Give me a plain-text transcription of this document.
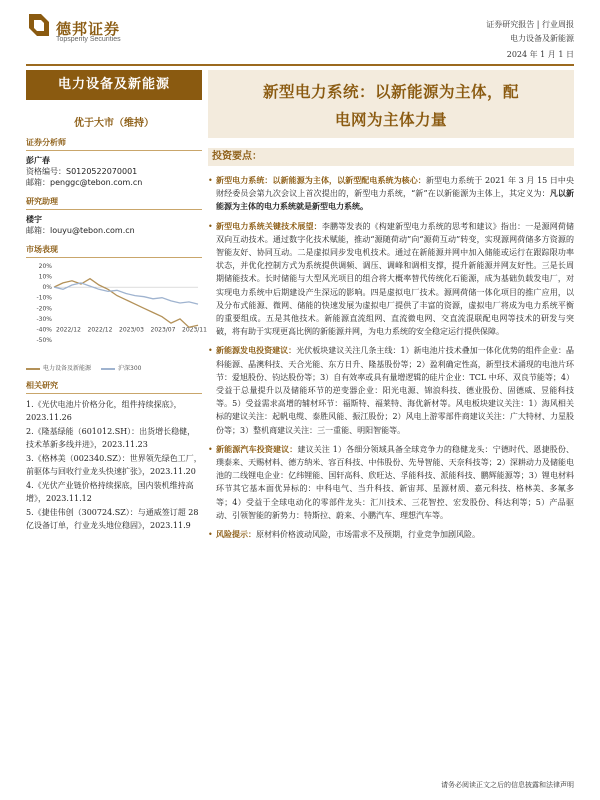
德邦证券
Topsperity Securities
证券研究报告 | 行业周报
电力设备及新能源
2024 年 1 月 1 日
电力设备及新能源
优于大市（维持）
证券分析师
彭广春
资格编号：S0120522070001
邮箱：penggc@tebon.com.cn
研究助理
楼宇
邮箱：louyu@tebon.com.cn
市场表现
20%
10%
0%
-10%
-20%
-30%
-40%
-50%
2022/12 2022/12 2023/03 2023/07 2023/11
电力设备及新能源	沪深300
相关研究
1.《光伏电池片价格分化，组件持续探底》，2023.11.26
2.《隆基绿能（601012.SH）：出货增长稳健，技术革新多线并进》，2023.11.23
3.《格林美（002340.SZ）：世界领先绿色工厂，前驱体与回收行业龙头快速扩张》，2023.11.20
4.《光伏产业链价格持续探底，国内装机维持高增》，2023.11.12
5.《捷佳伟创（300724.SZ）：与通威签订超 28 亿设备订单，行业龙头地位稳固》，2023.11.9
新型电力系统：以新能源为主体，配
电网为主体力量
投资要点：
• 新型电力系统：以新能源为主体，以新型配电系统为核心：新型电力系统于 2021 年 3 月 15 日中央财经委员会第九次会议上首次提出的，新型电力系统，“新”在以新能源为主体上，其定义为：凡以新能源为主体的电力系统就是新型电力系统。
• 新型电力系统关键技术展望：李鹏等发表的《构建新型电力系统的思考和建议》指出：一是源网荷储双向互动技术。通过数字化技术赋能，推动“源随荷动”向“源荷互动”转变，实现源网荷储多方资源的智能友好、协同互动。二是虚拟同步发电机技术。通过在新能源并网中加入储能或运行在跟踪限功率状态，并优化控制方式为系统提供调频、调压、调峰和调相支撑，提升新能源并网友好性。三是长周期储能技术。长时储能与大型风光项目的组合将大概率替代传统化石能源，成为基础负载发电厂，对实现电力系统中后期建设产生深远的影响。四是虚拟电厂技术。源网荷储一体化项目的推广应用，以及分布式能源、微网、储能的快速发展为虚拟电厂提供了丰富的资源，虚拟电厂将成为电力系统平衡的重要组成。五是其他技术。新能源直流组网、直流微电网、交直流混联配电网等技术的研发与突破，将有助于实现更高比例的新能源并网，为电力系统的安全稳定运行提供保障。
• 新能源发电投资建议：光伏板块建议关注几条主线：1）新电池片技术叠加一体化优势的组件企业：晶科能源、晶澳科技、天合光能、东方日升、隆基股份等；2）盈利确定性高，新型技术涌现的电池片环节：爱旭股份、钧达股份等；3）自有效率或具有量增逻辑的硅片企业：TCL 中环、双良节能等；4）受益于总量提升以及储能环节的逆变器企业：阳光电源、锦浪科技、德业股份、固德威、昱能科技等。5）受益需求高增的辅材环节：福斯特、福莱特、海优新材等。风电板块建议关注：1）海风相关标的建议关注：起帆电缆、泰胜风能、振江股份；2）风电上游零部件商建议关注：广大特材、力星股份等；3）整机商建议关注：三一重能、明阳智能等。
• 新能源汽车投资建议：建议关注 1）各细分领域具备全球竞争力的稳健龙头：宁德时代、恩捷股份、璞泰来、天赐材料、德方纳米、容百科技、中伟股份、先导智能、天奈科技等；2）深耕动力及储能电池的二线锂电企业：亿纬锂能、国轩高科、欣旺达、孚能科技、派能科技、鹏辉能源等；3）锂电材料环节其它基本面优异标的：中科电气、当升科技、新宙邦、星源材质、嘉元科技、格林美、多氟多等；4）受益于全球电动化的零部件龙头：汇川技术、三花智控、宏发股份、科达利等；5）产品驱动、引领智能的新势力：特斯拉、蔚来、小鹏汽车、理想汽车等。
• 风险提示：原材料价格波动风险，市场需求不及预期，行业竞争加剧风险。
请务必阅读正文之后的信息披露和法律声明
